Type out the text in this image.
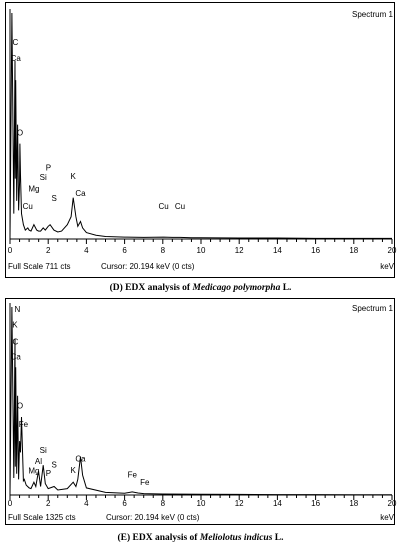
Spectrum 1
0	2	4	6	8	10	12	14	16	18	20
C
Ca
O
P
Si	K
Mg
Ca
S
Cu	Cu Cu
Full Scale 711 cts	Cursor: 20.194 keV (0 cts)	keV
(D) EDX analysis of Medicago polymorpha L.
Spectrum 1
0	2	4	6	8	10	12	14	16	18	20
N
K
C
Ca
O
Fe
Si
Ca
Al S
Mg P K	Fe
Fe
Full Scale 1325 cts	Cursor: 20.194 keV (0 cts)	keV
(E) EDX analysis of Meliolotus indicus L.
